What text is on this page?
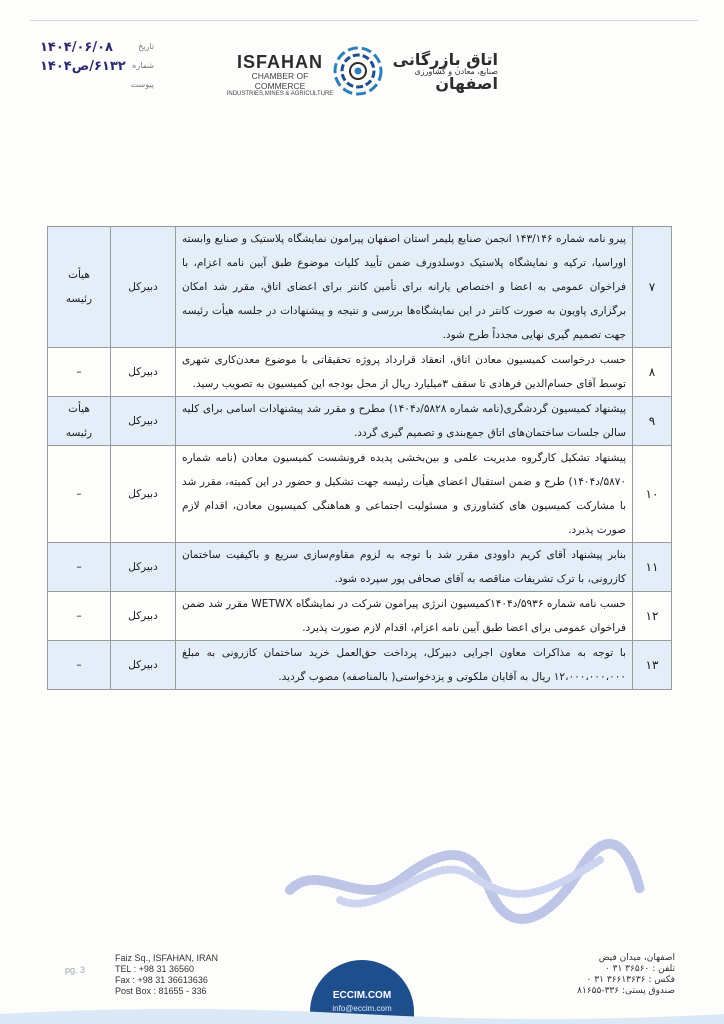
۱۴۰۴/۰۶/۰۸	تاریخ
۶۱۳۲/ص۱۴۰۴ شماره
پیوست
ISFAHAN
CHAMBER OF COMMERCE
INDUSTRIES,MINES & AGRICULTURE
اتاق بازرگانی
صنایع، معادن و کشاورزی
اصفهان
۷	پیرو نامه شماره ۱۴۳/۱۴۶ انجمن صنایع پلیمر استان اصفهان پیرامون نمایشگاه پلاستیک و صنایع وابسته اوراسیا، ترکیه و نمایشگاه پلاستیک دوسلدورف ضمن تأیید کلیات موضوع طبق آیین نامه اعزام، با فراخوان عمومی به اعضا و اختصاص یارانه برای تأمین کانتر برای اعضای اتاق، مقرر شد امکان برگزاری پاویون به صورت کانتر در این نمایشگاه‌ها بررسی و نتیجه و پیشنهادات در جلسه هیأت رئیسه جهت تصمیم گیری نهایی مجدداً طرح شود.	دبیرکل	هیأت رئیسه
۸	حسب درخواست کمیسیون معادن اتاق، انعقاد قرارداد پروژه تحقیقاتی با موضوع معدن‌کاری شهری توسط آقای حسام‌الدین فرهادی تا سقف ۳میلیارد ریال از محل بودجه این کمیسیون به تصویب رسید.	دبیرکل	–
۹	پیشنهاد کمیسیون گردشگری(نامه شماره ۵۸۲۸/د۱۴۰۴) مطرح و مقرر شد پیشنهادات اسامی برای کلیه سالن جلسات ساختمان‌های اتاق جمع‌بندی و تصمیم گیری گردد.	دبیرکل	هیأت رئیسه
۱۰	پیشنهاد تشکیل کارگروه مدیریت علمی و بین‌بخشی پدیده فرونشست کمیسیون معادن (نامه شماره ۵۸۷۰/د۱۴۰۴) طرح و ضمن استقبال اعضای هیأت رئیسه جهت تشکیل و حضور در این کمیته، مقرر شد با مشارکت کمیسیون های کشاورزی و مسئولیت اجتماعی و هماهنگی کمیسیون معادن، اقدام لازم صورت پذیرد.	دبیرکل	–
۱۱	بنابر پیشنهاد آقای کریم داوودی مقرر شد با توجه به لزوم مقاوم‌سازی سریع و باکیفیت ساختمان کازرونی، با ترک تشریفات مناقصه به آقای صحافی پور سپرده شود.	دبیرکل	–
۱۲	حسب نامه شماره ۵۹۳۶/د۱۴۰۴کمیسیون انرژی پیرامون شرکت در نمایشگاه WETWX مقرر شد ضمن فراخوان عمومی برای اعضا طبق آیین نامه اعزام، اقدام لازم صورت پذیرد.	دبیرکل	–
۱۳	با توجه به مذاکرات معاون اجرایی دبیرکل، پرداخت حق‌العمل خرید ساختمان کازرونی به مبلغ ۱۲،۰۰۰،۰۰۰،۰۰۰ ریال به آقایان ملکوتی و یزدخواستی( بالمناصفه) مصوب گردید.	دبیرکل	–
pg. 3
Faiz Sq., ISFAHAN, IRAN
TEL : +98 31 36560
Fax : +98 31 36613636
Post Box : 81655 - 336	ECCIM.COM
info@eccim.com
اصفهان، میدان فیض
تلفن : ۳۶۵۶۰ ۳۱ ۰
فکس : ۳۶۶۱۳۶۳۶ ۳۱ ۰
صندوق پستی: ۳۳۶-۸۱۶۵۵
